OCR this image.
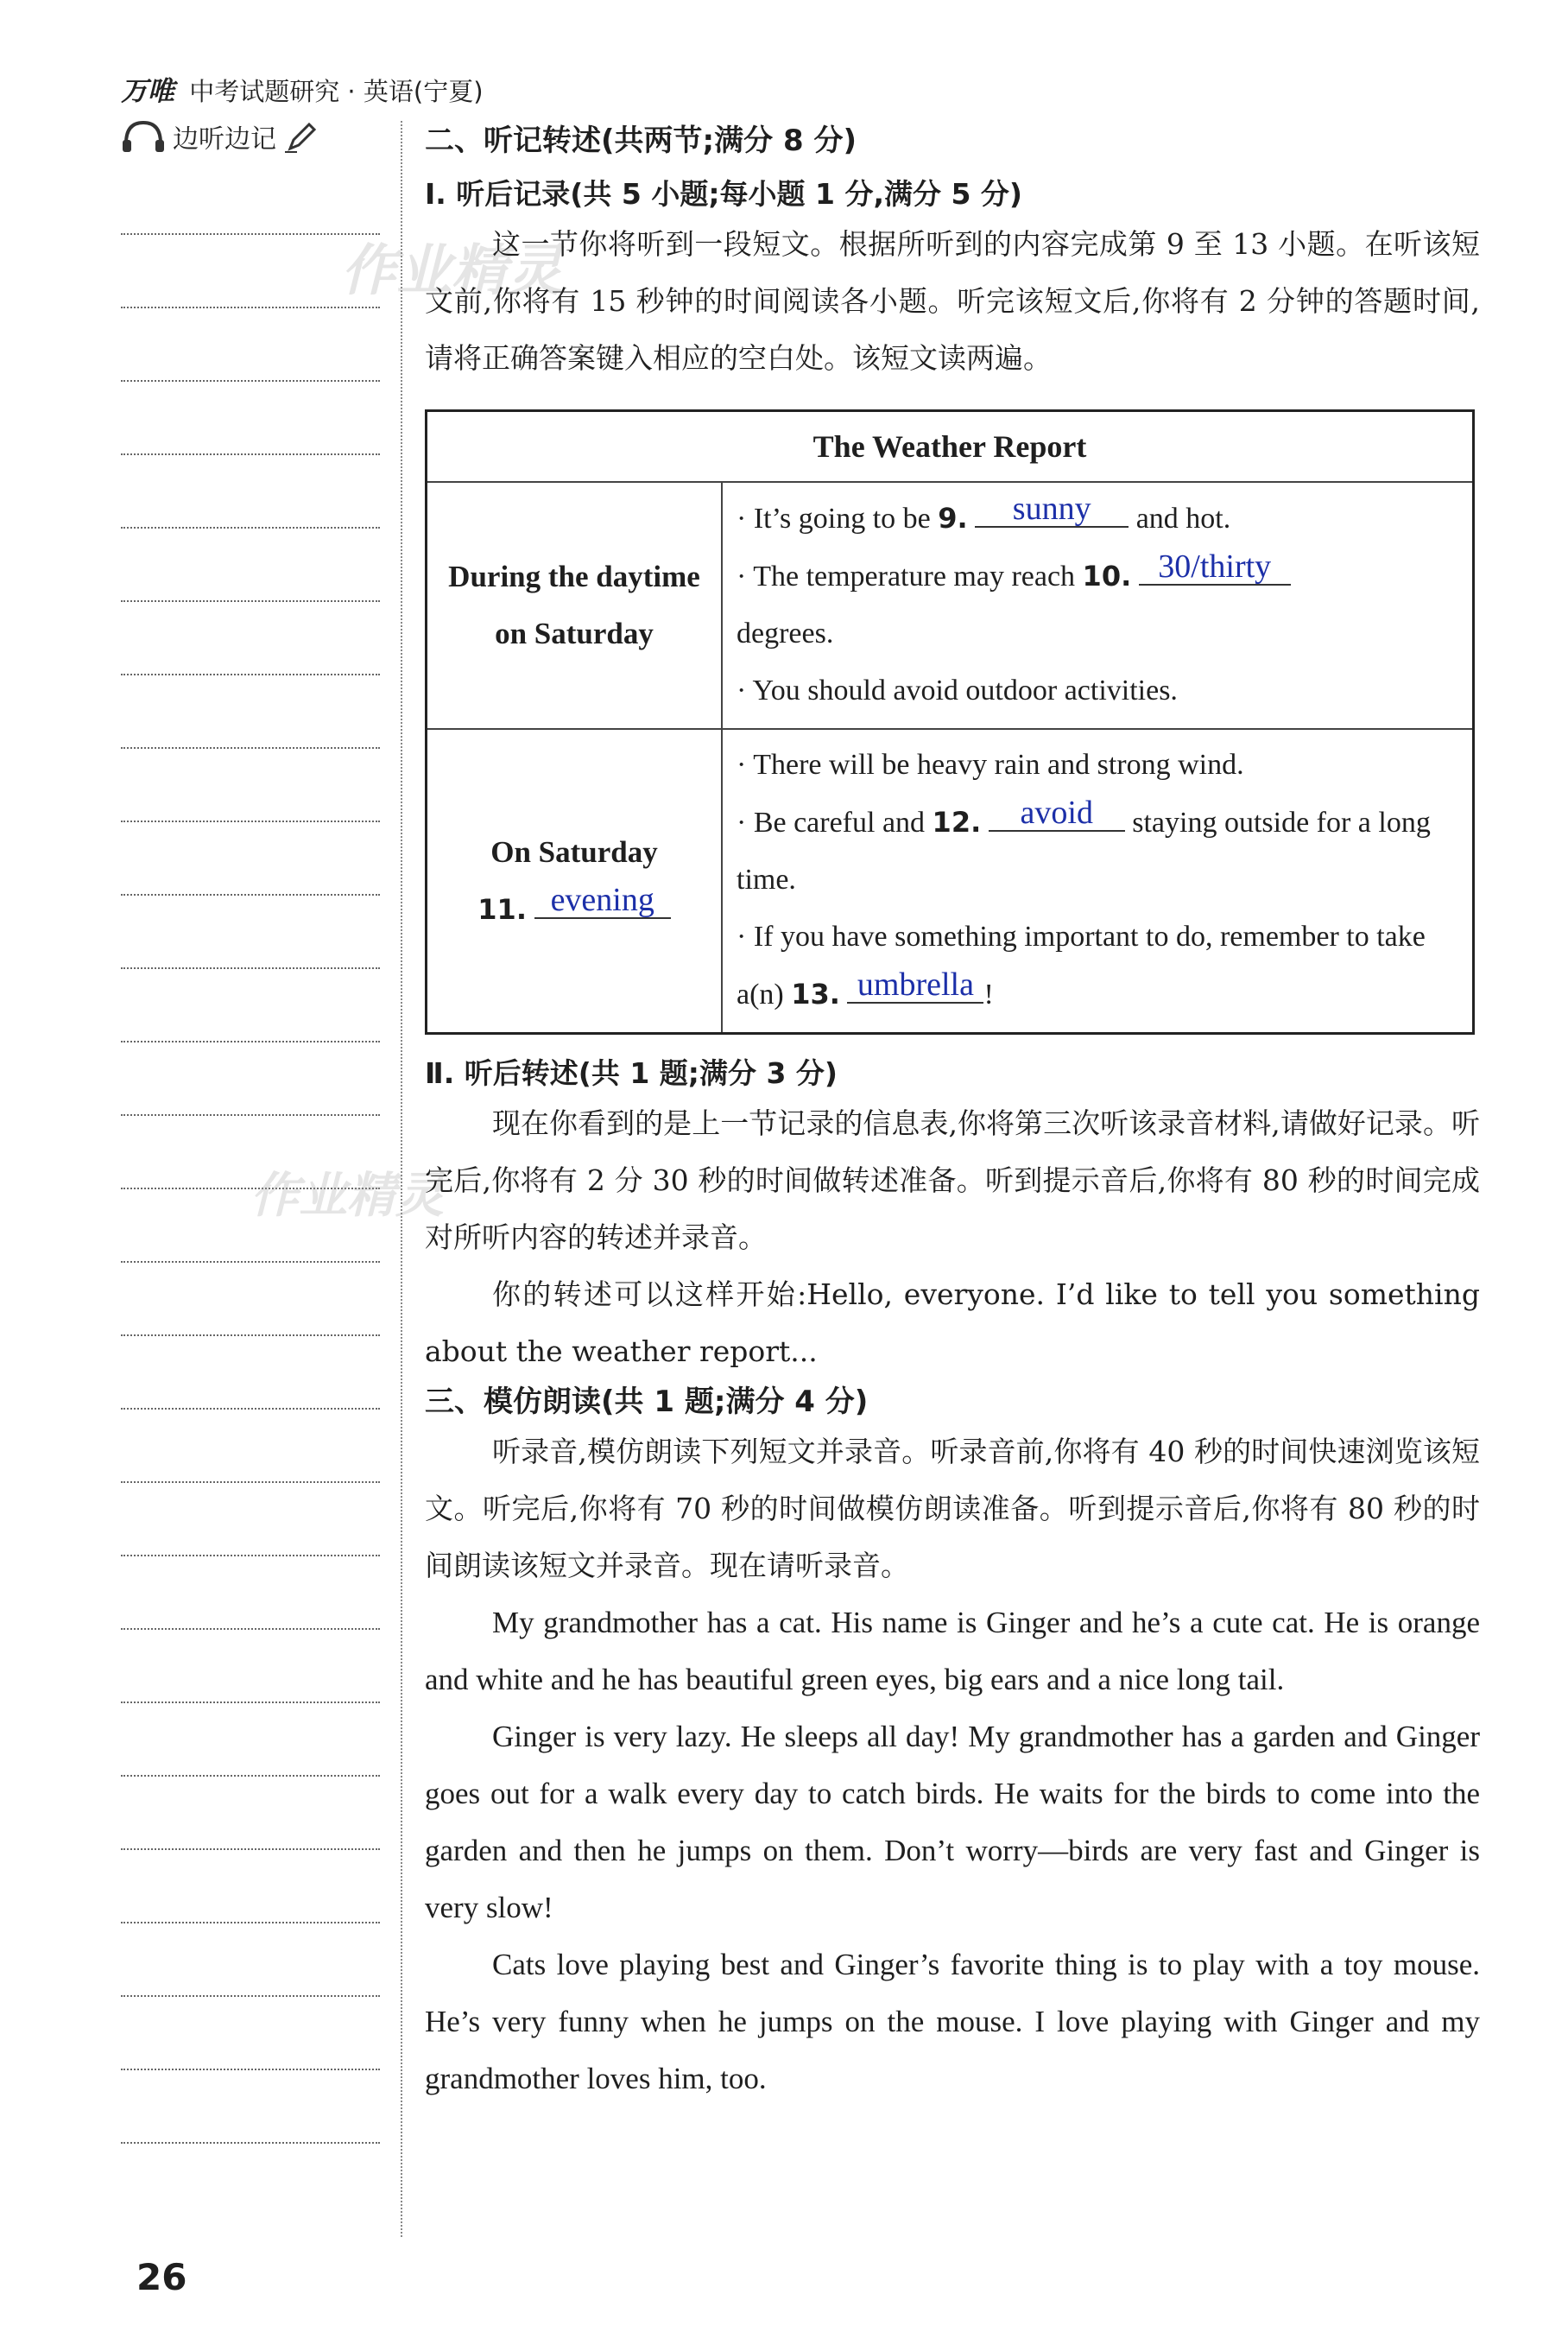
万唯 中考试题研究 · 英语(宁夏)
边听边记
作业精灵
作业精灵
二、听记转述(共两节;满分 8 分)
Ⅰ. 听后记录(共 5 小题;每小题 1 分,满分 5 分)

这一节你将听到一段短文。根据所听到的内容完成第 9 至 13 小题。在听该短文前,你将有 15 秒钟的时间阅读各小题。听完该短文后,你将有 2 分钟的答题时间,请将正确答案键入相应的空白处。该短文读两遍。

The Weather Report	
During the daytime
on Saturday	· It’s going to be 9. sunny and hot.
· The temperature may reach 10. 30/thirty
degrees.
· You should avoid outdoor activities.

On Saturday
11. evening	· There will be heavy rain and strong wind.
· Be careful and 12. avoid staying outside for a long time.
· If you have something important to do, remember to take a(n) 13. umbrella !
Ⅱ. 听后转述(共 1 题;满分 3 分)

现在你看到的是上一节记录的信息表,你将第三次听该录音材料,请做好记录。听完后,你将有 2 分 30 秒的时间做转述准备。听到提示音后,你将有 80 秒的时间完成对所听内容的转述并录音。

你的转述可以这样开始:Hello, everyone. I’d like to tell you something about the weather report...

三、模仿朗读(共 1 题;满分 4 分)

听录音,模仿朗读下列短文并录音。听录音前,你将有 40 秒的时间快速浏览该短文。听完后,你将有 70 秒的时间做模仿朗读准备。听到提示音后,你将有 80 秒的时间朗读该短文并录音。现在请听录音。

My grandmother has a cat. His name is Ginger and he’s a cute cat. He is orange and white and he has beautiful green eyes, big ears and a nice long tail.

Ginger is very lazy. He sleeps all day! My grandmother has a garden and Ginger goes out for a walk every day to catch birds. He waits for the birds to come into the garden and then he jumps on them. Don’t worry—birds are very fast and Ginger is very slow!

Cats love playing best and Ginger’s favorite thing is to play with a toy mouse. He’s very funny when he jumps on the mouse. I love playing with Ginger and my grandmother loves him, too.

26
